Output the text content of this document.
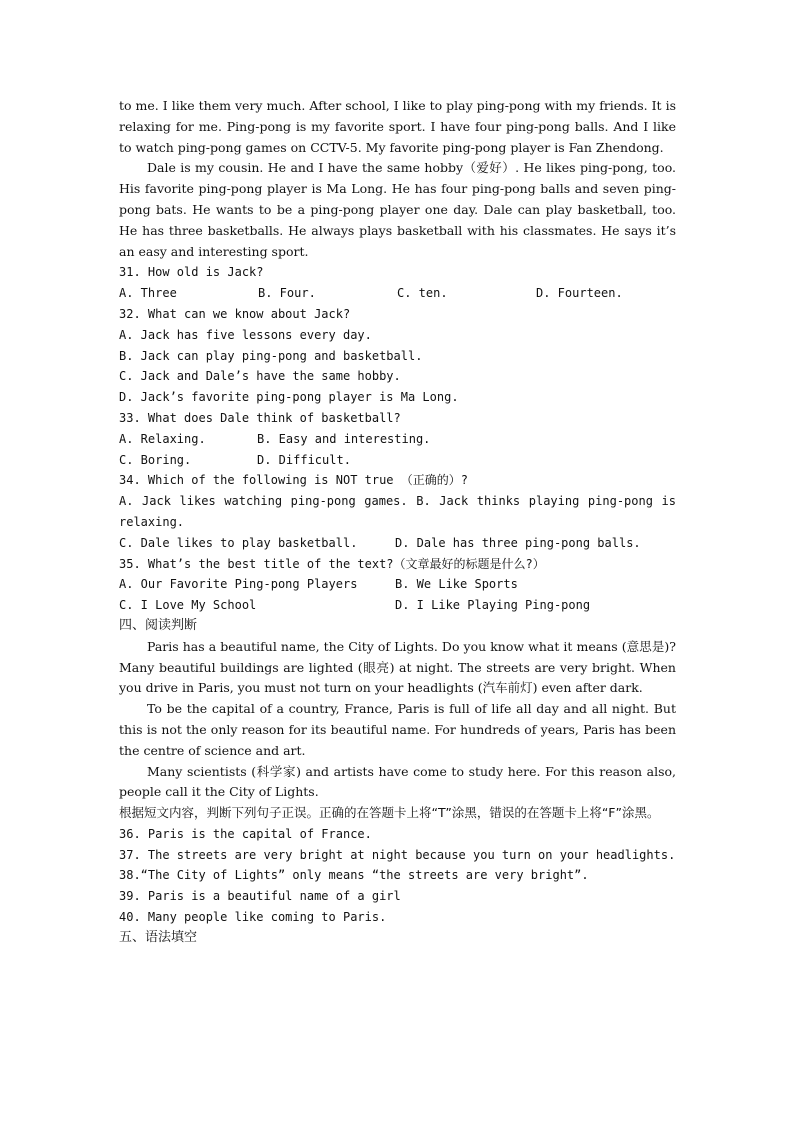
to me. I like them very much. After school, I like to play ping-pong with my friends. It is relaxing for me. Ping-pong is my favorite sport. I have four ping-pong balls. And I like to watch ping-pong games on CCTV-5. My favorite ping-pong player is Fan Zhendong.

Dale is my cousin. He and I have the same hobby（爱好）. He likes ping-pong, too. His favorite ping-pong player is Ma Long. He has four ping-pong balls and seven ping-pong bats. He wants to be a ping-pong player one day. Dale can play basketball, too. He has three basketballs. He always plays basketball with his classmates. He says it’s an easy and interesting sport.

31. How old is Jack?

A. Three	B. Four.	C. ten.	D. Fourteen.

32. What can we know about Jack?

A. Jack has five lessons every day.

B. Jack can play ping-pong and basketball.

C. Jack and Dale’s have the same hobby.

D. Jack’s favorite ping-pong player is Ma Long.

33. What does Dale think of basketball?

A. Relaxing.	B. Easy and interesting.
C. Boring.	D. Difficult.

34. Which of the following is NOT true （正确的）?

A. Jack likes watching ping-pong games. B. Jack thinks playing ping-pong is relaxing.

C. Dale likes to play basketball.	D. Dale has three ping-pong balls.

35. What’s the best title of the text?（文章最好的标题是什么?）

A. Our Favorite Ping-pong Players	B. We Like Sports
C. I Love My School	D. I Like Playing Ping-pong

四、阅读判断

Paris has a beautiful name, the City of Lights. Do you know what it means (意思是)? Many beautiful buildings are lighted (眼亮) at night. The streets are very bright. When you drive in Paris, you must not turn on your headlights (汽车前灯) even after dark.

To be the capital of a country, France, Paris is full of life all day and all night. But this is not the only reason for its beautiful name. For hundreds of years, Paris has been the centre of science and art.

Many scientists (科学家) and artists have come to study here. For this reason also, people call it the City of Lights.

根据短文内容，判断下列句子正误。正确的在答题卡上将“T”涂黑，错误的在答题卡上将“F”涂黑。

36. Paris is the capital of France.

37. The streets are very bright at night because you turn on your headlights.

38.“The City of Lights” only means “the streets are very bright”.

39. Paris is a beautiful name of a girl

40. Many people like coming to Paris.

五、语法填空
